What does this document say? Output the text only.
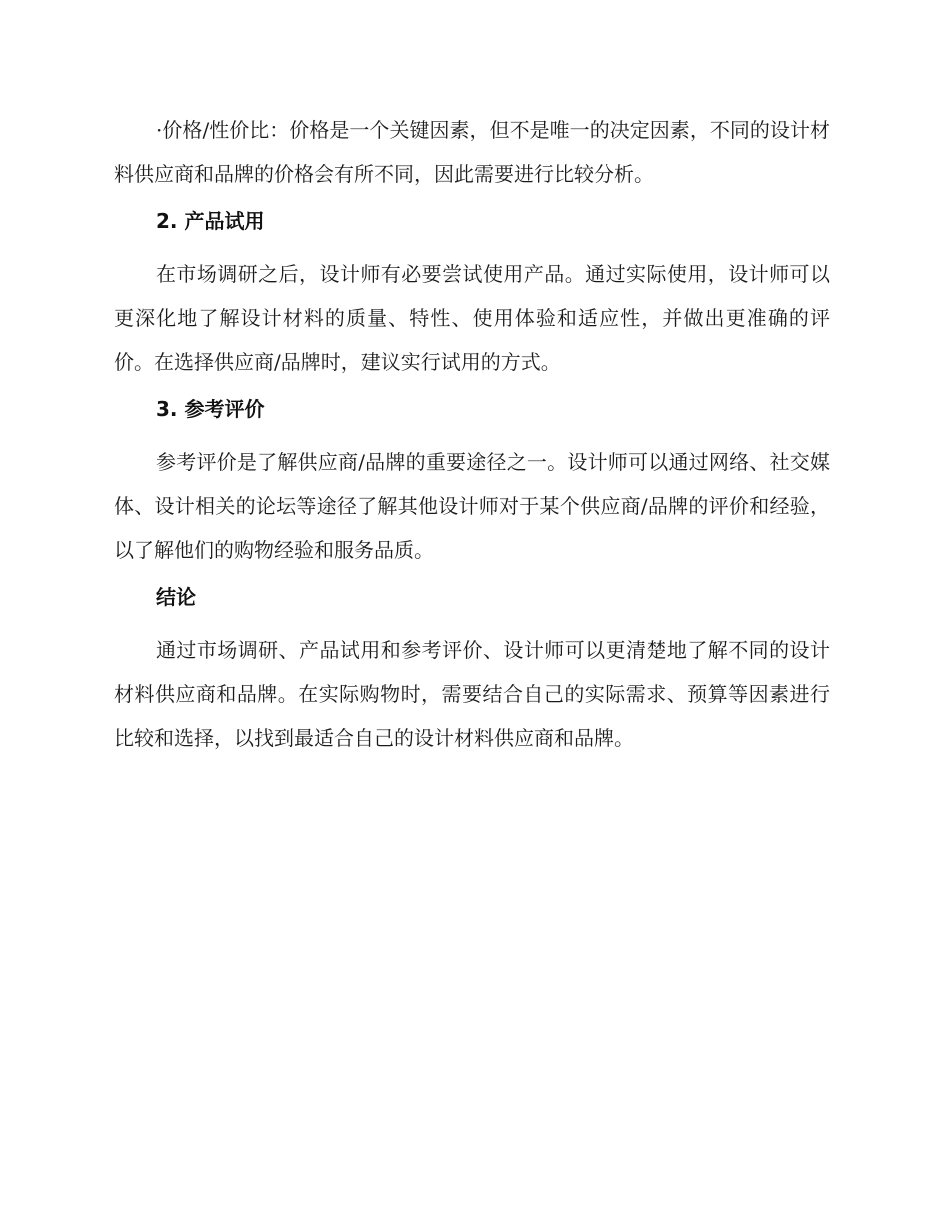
·价格/性价比：价格是一个关键因素，但不是唯一的决定因素，不同的设计材料供应商和品牌的价格会有所不同，因此需要进行比较分析。

2. 产品试用

在市场调研之后，设计师有必要尝试使用产品。通过实际使用，设计师可以更深化地了解设计材料的质量、特性、使用体验和适应性，并做出更准确的评价。在选择供应商/品牌时，建议实行试用的方式。

3. 参考评价

参考评价是了解供应商/品牌的重要途径之一。设计师可以通过网络、社交媒体、设计相关的论坛等途径了解其他设计师对于某个供应商/品牌的评价和经验，以了解他们的购物经验和服务品质。

结论

通过市场调研、产品试用和参考评价、设计师可以更清楚地了解不同的设计材料供应商和品牌。在实际购物时，需要结合自己的实际需求、预算等因素进行比较和选择，以找到最适合自己的设计材料供应商和品牌。
